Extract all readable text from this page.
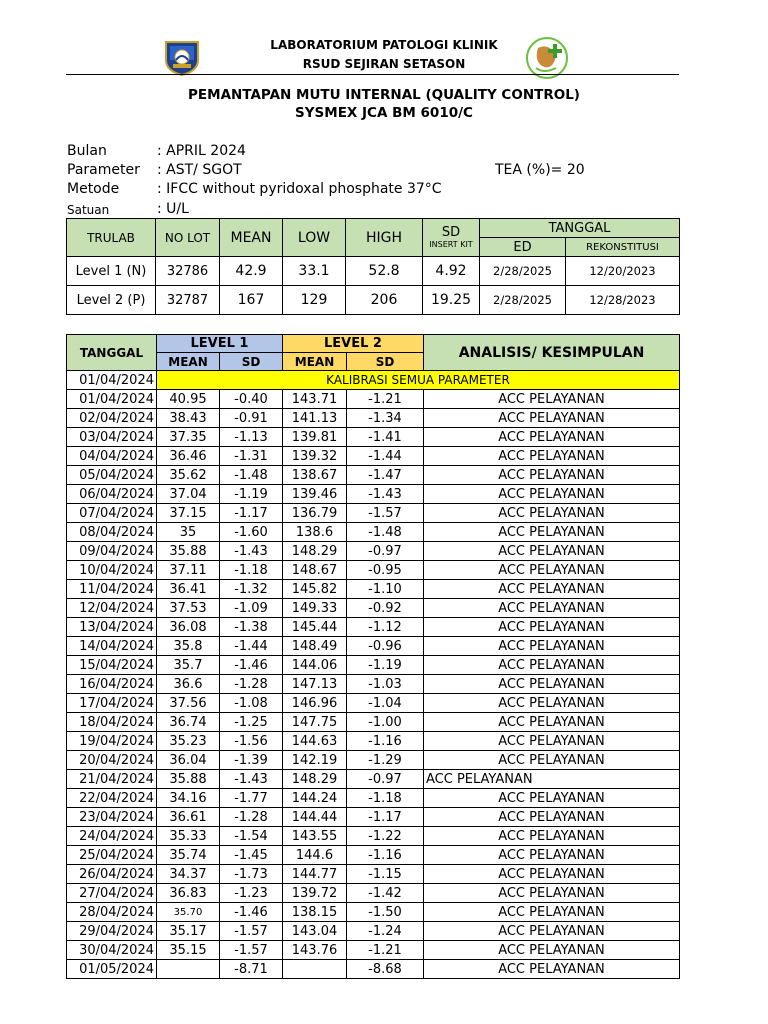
LABORATORIUM PATOLOGI KLINIK
RSUD SEJIRAN SETASON
PEMANTAPAN MUTU INTERNAL (QUALITY CONTROL)
SYSMEX JCA BM 6010/C
Bulan	: APRIL 2024
Parameter : AST/ SGOT	TEA (%)= 20
Metode	: IFCC without pyridoxal phosphate 37°C
Satuan	: U/L
TRULAB	NO LOT	MEAN	LOW	HIGH	SD
INSERT KIT	TANGGAL	
						ED	REKONSTITUSI
Level 1 (N)	32786	42.9	33.1	52.8	4.92	2/28/2025	12/20/2023
Level 2 (P)	32787	167	129	206	19.25	2/28/2025	12/28/2023
TANGGAL	LEVEL 1		LEVEL 2		ANALISIS/ KESIMPULAN
	MEAN	SD	MEAN	SD	
01/04/2024	KALIBRASI SEMUA PARAMETER				
01/04/2024	40.95	-0.40	143.71	-1.21	ACC PELAYANAN
02/04/2024	38.43	-0.91	141.13	-1.34	ACC PELAYANAN
03/04/2024	37.35	-1.13	139.81	-1.41	ACC PELAYANAN
04/04/2024	36.46	-1.31	139.32	-1.44	ACC PELAYANAN
05/04/2024	35.62	-1.48	138.67	-1.47	ACC PELAYANAN
06/04/2024	37.04	-1.19	139.46	-1.43	ACC PELAYANAN
07/04/2024	37.15	-1.17	136.79	-1.57	ACC PELAYANAN
08/04/2024	35	-1.60	138.6	-1.48	ACC PELAYANAN
09/04/2024	35.88	-1.43	148.29	-0.97	ACC PELAYANAN
10/04/2024	37.11	-1.18	148.67	-0.95	ACC PELAYANAN
11/04/2024	36.41	-1.32	145.82	-1.10	ACC PELAYANAN
12/04/2024	37.53	-1.09	149.33	-0.92	ACC PELAYANAN
13/04/2024	36.08	-1.38	145.44	-1.12	ACC PELAYANAN
14/04/2024	35.8	-1.44	148.49	-0.96	ACC PELAYANAN
15/04/2024	35.7	-1.46	144.06	-1.19	ACC PELAYANAN
16/04/2024	36.6	-1.28	147.13	-1.03	ACC PELAYANAN
17/04/2024	37.56	-1.08	146.96	-1.04	ACC PELAYANAN
18/04/2024	36.74	-1.25	147.75	-1.00	ACC PELAYANAN
19/04/2024	35.23	-1.56	144.63	-1.16	ACC PELAYANAN
20/04/2024	36.04	-1.39	142.19	-1.29	ACC PELAYANAN
21/04/2024	35.88	-1.43	148.29	-0.97	ACC PELAYANAN
22/04/2024	34.16	-1.77	144.24	-1.18	ACC PELAYANAN
23/04/2024	36.61	-1.28	144.44	-1.17	ACC PELAYANAN
24/04/2024	35.33	-1.54	143.55	-1.22	ACC PELAYANAN
25/04/2024	35.74	-1.45	144.6	-1.16	ACC PELAYANAN
26/04/2024	34.37	-1.73	144.77	-1.15	ACC PELAYANAN
27/04/2024	36.83	-1.23	139.72	-1.42	ACC PELAYANAN
28/04/2024	35.70	-1.46	138.15	-1.50	ACC PELAYANAN
29/04/2024	35.17	-1.57	143.04	-1.24	ACC PELAYANAN
30/04/2024	35.15	-1.57	143.76	-1.21	ACC PELAYANAN
01/05/2024		-8.71		-8.68	ACC PELAYANAN
